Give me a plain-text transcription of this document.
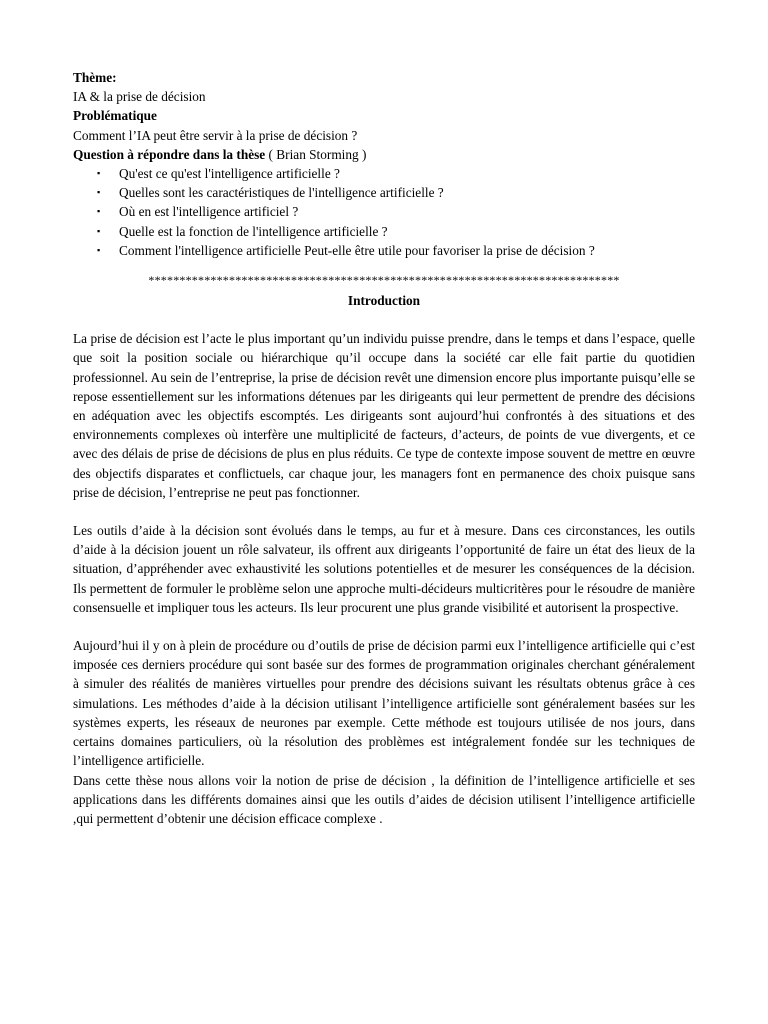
Thème:

IA & la prise de décision

Problématique

Comment l’IA peut être servir à la prise de décision ?

Question à répondre dans la thèse ( Brian Storming )

▪ Qu'est ce qu'est l'intelligence artificielle ?
▪ Quelles sont les caractéristiques de l'intelligence artificielle ?
▪ Où en est l'intelligence artificiel ?
▪ Quelle est la fonction de l'intelligence artificielle ?
▪ Comment l'intelligence artificielle Peut-elle être utile pour favoriser la prise de décision ?
****************************************************************************

Introduction

La prise de décision est l’acte le plus important qu’un individu puisse prendre, dans le temps et dans l’espace, quelle que soit la position sociale ou hiérarchique qu’il occupe dans la société car elle fait partie du quotidien professionnel. Au sein de l’entreprise, la prise de décision revêt une dimension encore plus importante puisqu’elle se repose essentiellement sur les informations détenues par les dirigeants qui leur permettent de prendre des décisions en adéquation avec les objectifs escomptés. Les dirigeants sont aujourd’hui confrontés à des situations et des environnements complexes où interfère une multiplicité de facteurs, d’acteurs, de points de vue divergents, et ce avec des délais de prise de décisions de plus en plus réduits. Ce type de contexte impose souvent de mettre en œuvre des objectifs disparates et conflictuels, car chaque jour, les managers font en permanence des choix puisque sans prise de décision, l’entreprise ne peut pas fonctionner.

Les outils d’aide à la décision sont évolués dans le temps, au fur et à mesure. Dans ces circonstances, les outils d’aide à la décision jouent un rôle salvateur, ils offrent aux dirigeants l’opportunité de faire un état des lieux de la situation, d’appréhender avec exhaustivité les solutions potentielles et de mesurer les conséquences de la décision. Ils permettent de formuler le problème selon une approche multi-décideurs multicritères pour le résoudre de manière consensuelle et impliquer tous les acteurs. Ils leur procurent une plus grande visibilité et autorisent la prospective.

Aujourd’hui il y on à plein de procédure ou d’outils de prise de décision parmi eux l’intelligence artificielle qui c’est imposée ces derniers procédure qui sont basée sur des formes de programmation originales cherchant généralement à simuler des réalités de manières virtuelles pour prendre des décisions suivant les résultats obtenus grâce à ces simulations. Les méthodes d’aide à la décision utilisant l’intelligence artificielle sont généralement basées sur les systèmes experts, les réseaux de neurones par exemple. Cette méthode est toujours utilisée de nos jours, dans certains domaines particuliers, où la résolution des problèmes est intégralement fondée sur les techniques de l’intelligence artificielle.

Dans cette thèse nous allons voir la notion de prise de décision , la définition de l’intelligence artificielle et ses applications dans les différents domaines ainsi que les outils d’aides de décision utilisent l’intelligence artificielle ,qui permettent d’obtenir une décision efficace complexe .
